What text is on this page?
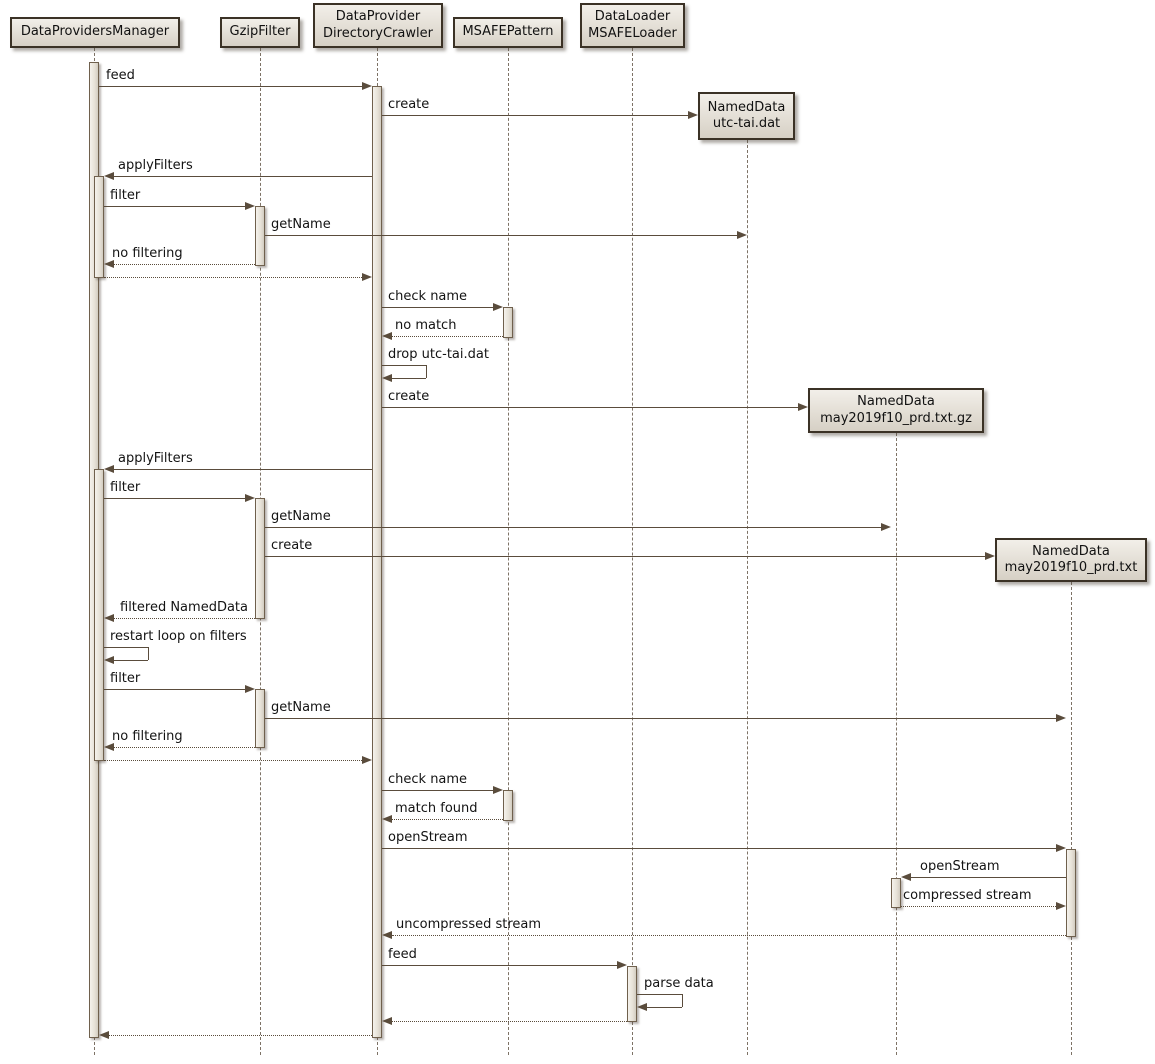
DataProvidersManager	GzipFilter
DataProvider
DirectoryCrawler MSAFEPattern
DataLoader
MSAFELoader
NamedData
utc-tai.dat
NamedData
may2019f10_prd.txt.gz
NamedData
may2019f10_prd.txt
feed
create
applyFilters
filter
getName
no filtering
check name
no match
drop utc-tai.dat
create
applyFilters
filter
getName
create
filtered NamedData
restart loop on filters
filter
getName
no filtering
check name
match found
openStream
openStream
compressed stream
uncompressed stream
feed
parse data
